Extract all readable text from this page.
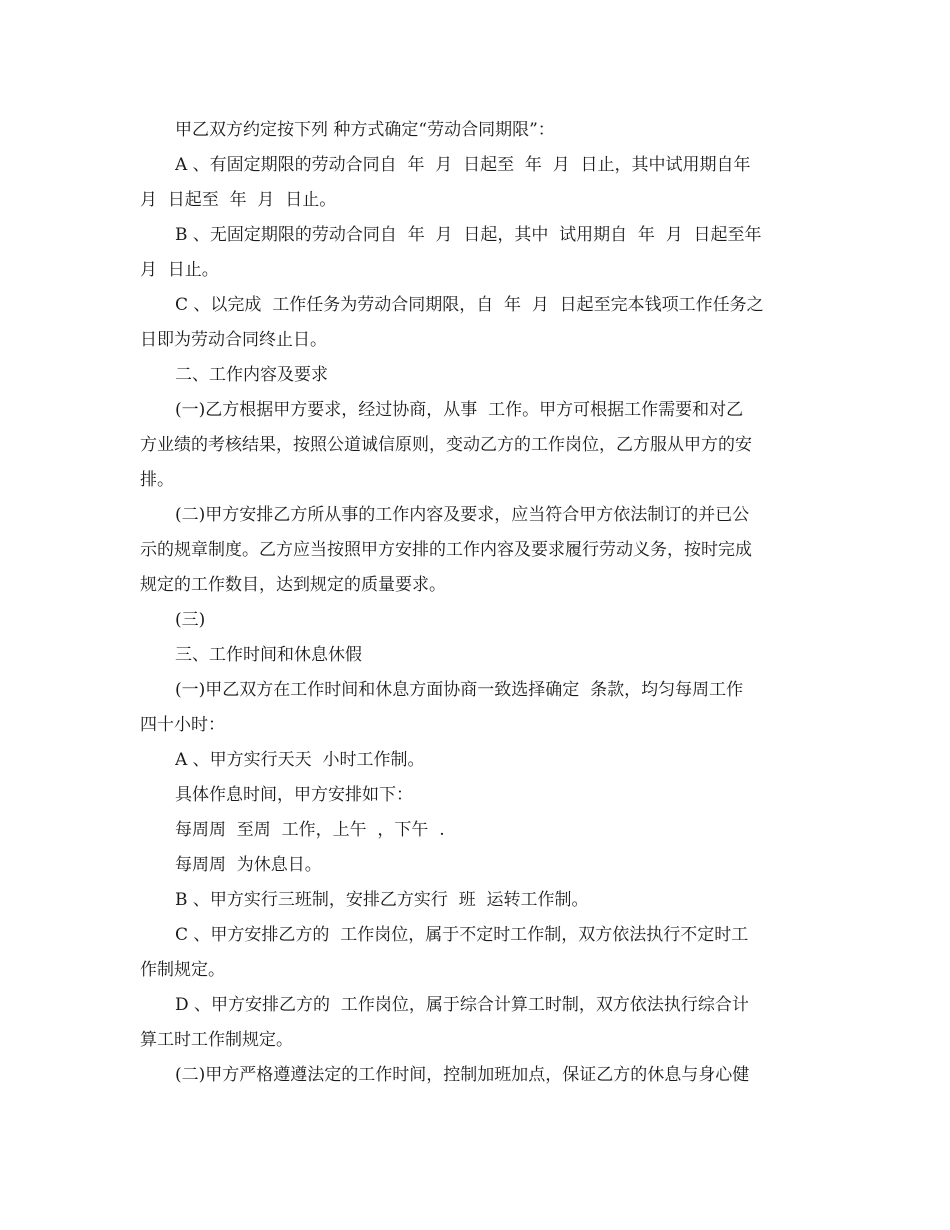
甲乙双方约定按下列 种方式确定“劳动合同期限”：
A 、有固定期限的劳动合同自  年  月  日起至  年  月  日止，其中试用期自年
月  日起至  年  月  日止。
B 、无固定期限的劳动合同自  年  月  日起，其中  试用期自  年  月  日起至年
月  日止。
C 、以完成  工作任务为劳动合同期限，自  年  月  日起至完本钱项工作任务之
日即为劳动合同终止日。
二、工作内容及要求
(一)乙方根据甲方要求，经过协商，从事  工作。甲方可根据工作需要和对乙
方业绩的考核结果，按照公道诚信原则，变动乙方的工作岗位，乙方服从甲方的安
排。
(二)甲方安排乙方所从事的工作内容及要求，应当符合甲方依法制订的并已公
示的规章制度。乙方应当按照甲方安排的工作内容及要求履行劳动义务，按时完成
规定的工作数目，达到规定的质量要求。
(三)
三、工作时间和休息休假
(一)甲乙双方在工作时间和休息方面协商一致选择确定  条款，均匀每周工作
四十小时：
A 、甲方实行天天  小时工作制。
具体作息时间，甲方安排如下：
每周周  至周  工作，上午  ，下午  .
每周周  为休息日。
B 、甲方实行三班制，安排乙方实行  班  运转工作制。
C 、甲方安排乙方的  工作岗位，属于不定时工作制，双方依法执行不定时工
作制规定。
D 、甲方安排乙方的  工作岗位，属于综合计算工时制，双方依法执行综合计
算工时工作制规定。
(二)甲方严格遵遵法定的工作时间，控制加班加点，保证乙方的休息与身心健
